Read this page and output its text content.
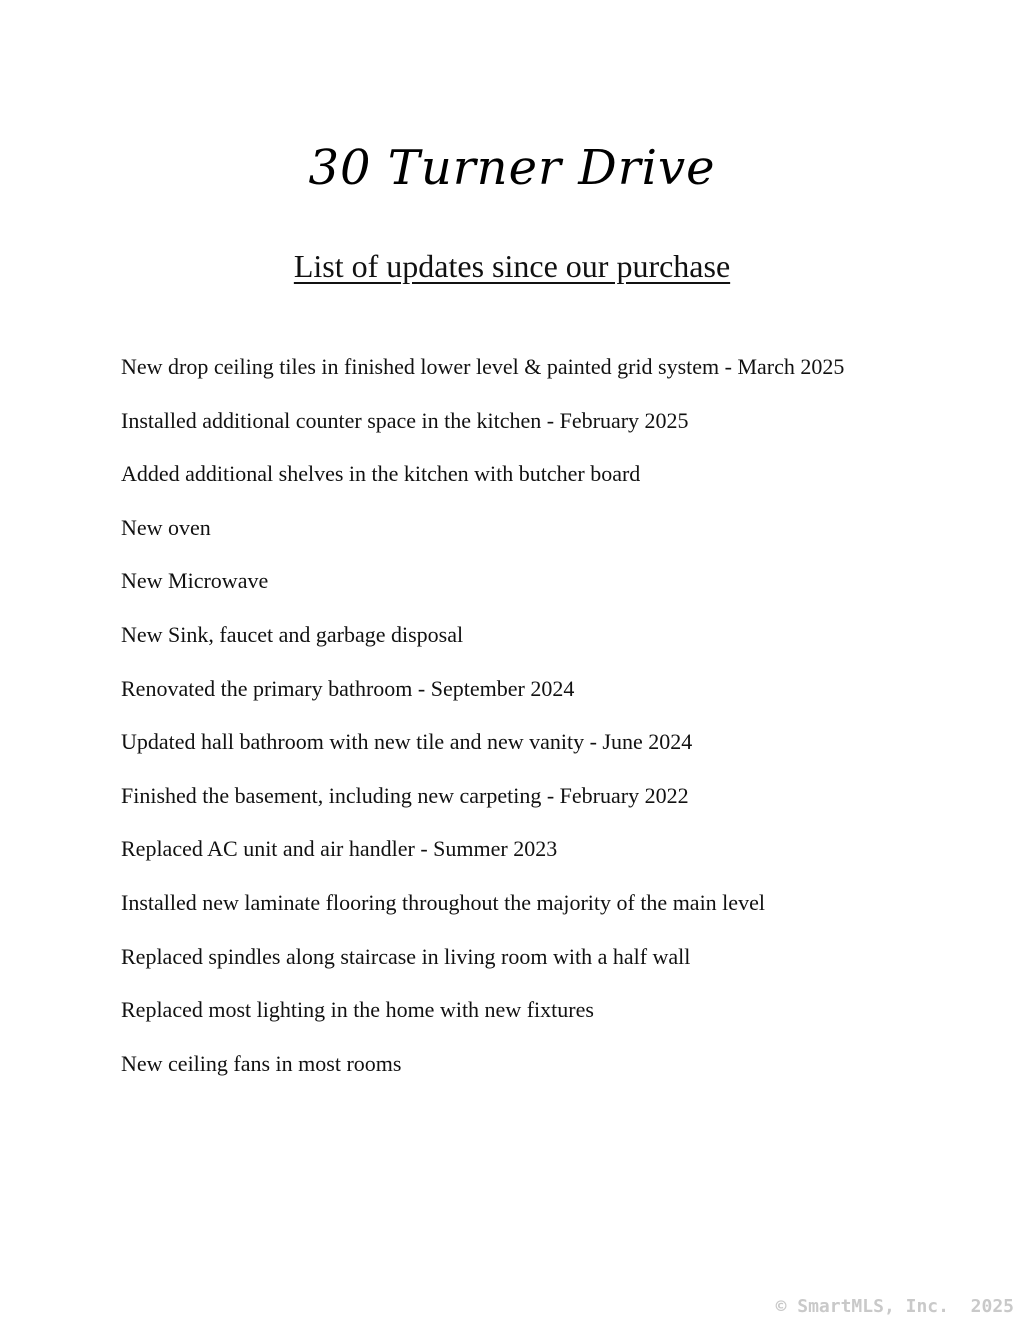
30 Turner Drive
List of updates since our purchase
New drop ceiling tiles in finished lower level & painted grid system - March 2025
Installed additional counter space in the kitchen - February 2025
Added additional shelves in the kitchen with butcher board
New oven
New Microwave
New Sink, faucet and garbage disposal
Renovated the primary bathroom - September 2024
Updated hall bathroom with new tile and new vanity - June 2024
Finished the basement, including new carpeting - February 2022
Replaced AC unit and air handler - Summer 2023
Installed new laminate flooring throughout the majority of the main level
Replaced spindles along staircase in living room with a half wall
Replaced most lighting in the home with new fixtures
New ceiling fans in most rooms
© SmartMLS, Inc.  2025
